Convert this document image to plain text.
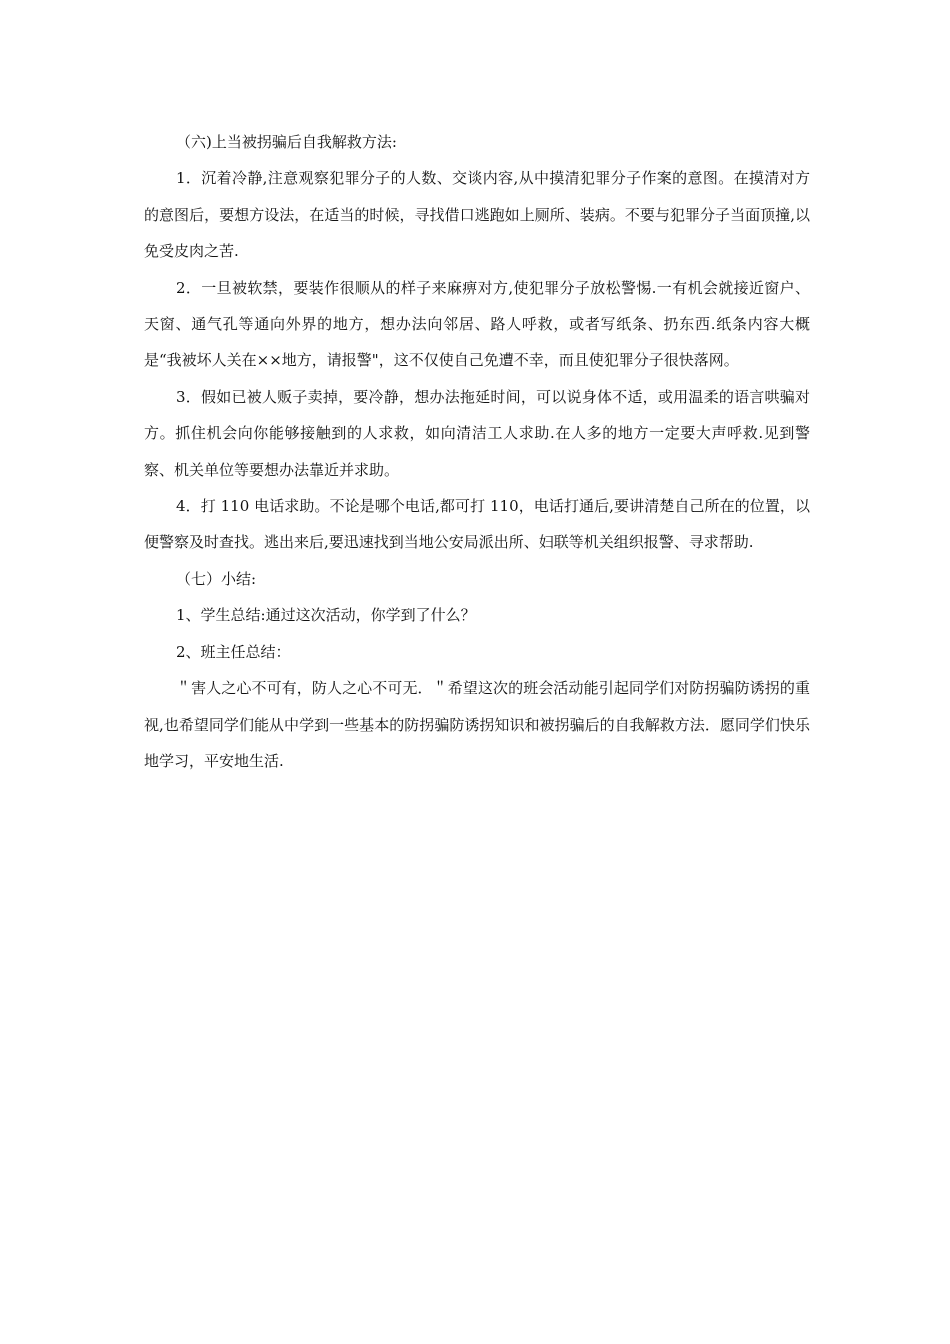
（六)上当被拐骗后自我解救方法:

1．沉着冷静,注意观察犯罪分子的人数、交谈内容,从中摸清犯罪分子作案的意图。在摸清对方的意图后，要想方设法，在适当的时候，寻找借口逃跑如上厕所、装病。不要与犯罪分子当面顶撞,以免受皮肉之苦.

2．一旦被软禁，要装作很顺从的样子来麻痹对方,使犯罪分子放松警惕.一有机会就接近窗户、天窗、通气孔等通向外界的地方，想办法向邻居、路人呼救，或者写纸条、扔东西.纸条内容大概是“我被坏人关在××地方，请报警"，这不仅使自己免遭不幸，而且使犯罪分子很快落网。

3．假如已被人贩子卖掉，要冷静，想办法拖延时间，可以说身体不适，或用温柔的语言哄骗对方。抓住机会向你能够接触到的人求救，如向清洁工人求助.在人多的地方一定要大声呼救.见到警察、机关单位等要想办法靠近并求助。

4．打 110 电话求助。不论是哪个电话,都可打 110，电话打通后,要讲清楚自己所在的位置，以便警察及时查找。逃出来后,要迅速找到当地公安局派出所、妇联等机关组织报警、寻求帮助.

（七）小结:

1、学生总结:通过这次活动，你学到了什么？

2、班主任总结：

＂害人之心不可有，防人之心不可无．＂希望这次的班会活动能引起同学们对防拐骗防诱拐的重视,也希望同学们能从中学到一些基本的防拐骗防诱拐知识和被拐骗后的自我解救方法．愿同学们快乐地学习，平安地生活.
